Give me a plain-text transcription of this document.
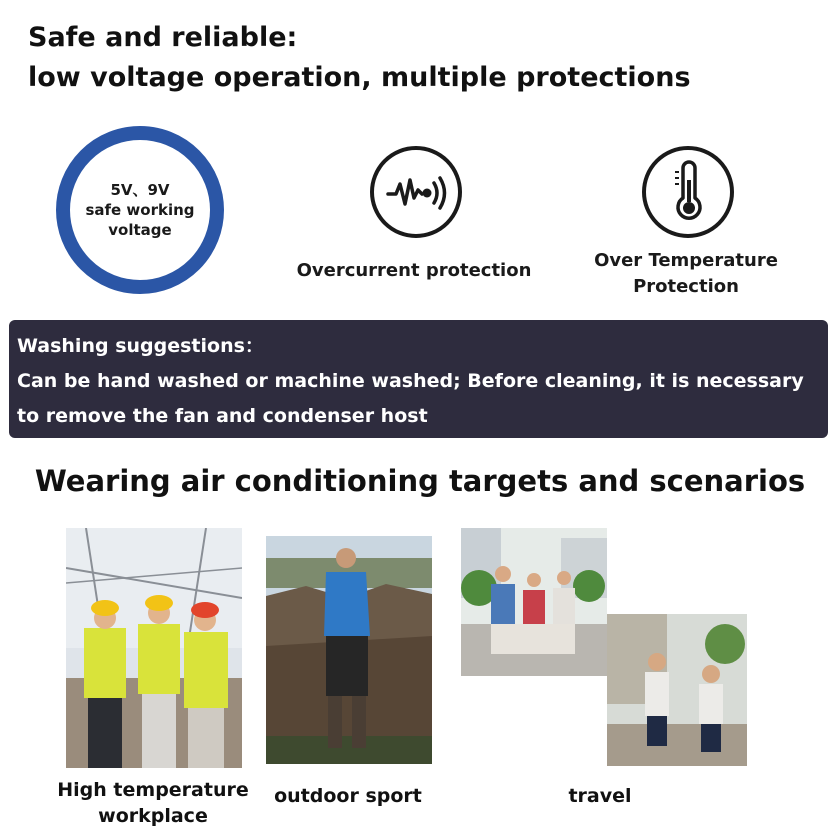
Safe and reliable:
low voltage operation, multiple protections
5V、9V
safe working
voltage
Overcurrent protection	Over Temperature
Protection
Washing suggestions：
Can be hand washed or machine washed; Before cleaning, it is necessary
to remove the fan and condenser host
Wearing air conditioning targets and scenarios
High temperature
workplace
outdoor sport	travel
